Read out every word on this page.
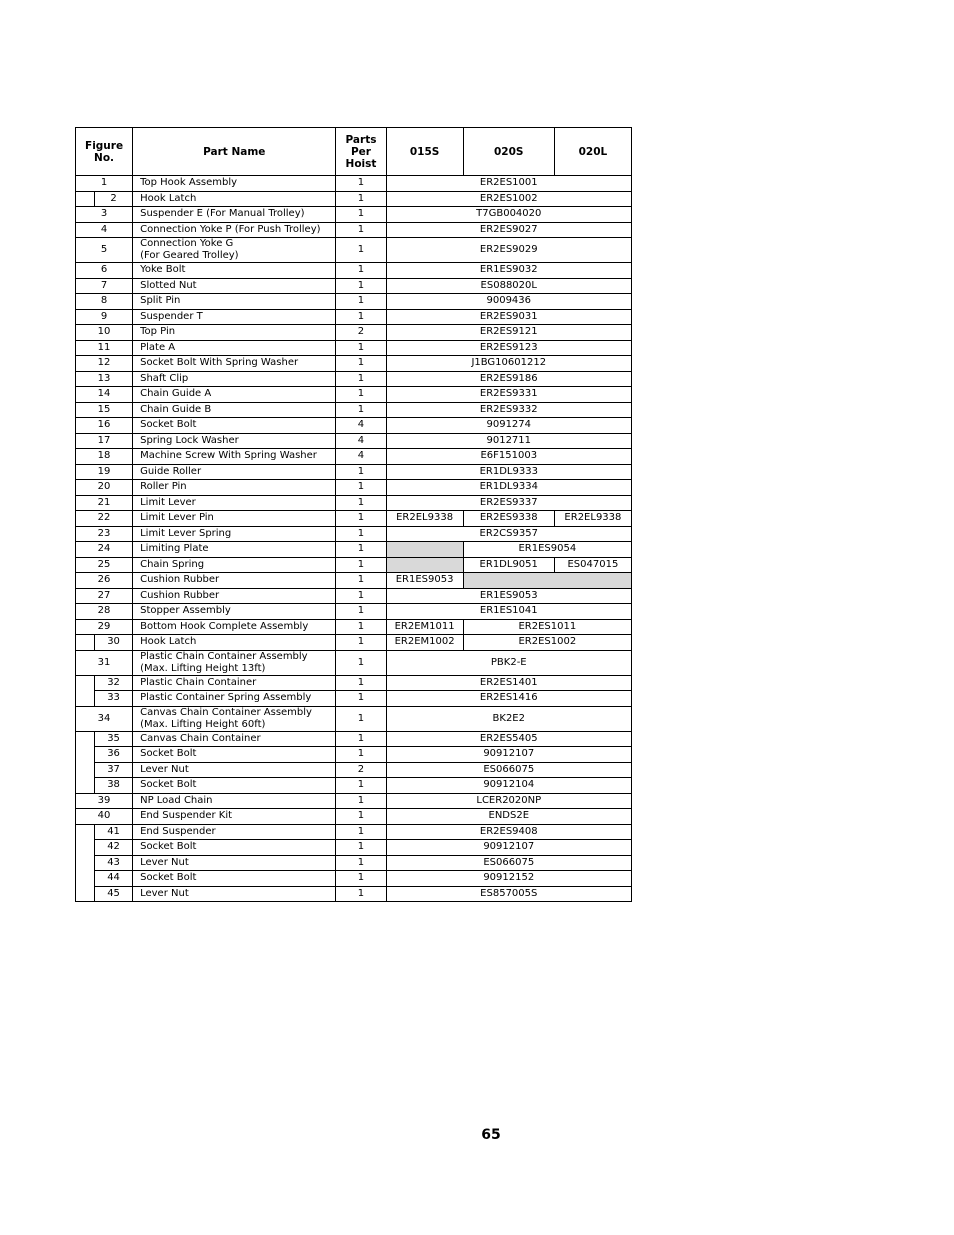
Figure No.		Part Name	Parts Per Hoist	015S	020S	020L
1		Top Hook Assembly	1	ER2ES1001		
	2	Hook Latch	1	ER2ES1002		
3		Suspender E (For Manual Trolley)	1	T7GB004020		
4		Connection Yoke P (For Push Trolley)	1	ER2ES9027		
5		Connection Yoke G
(For Geared Trolley)	1	ER2ES9029		
6		Yoke Bolt	1	ER1ES9032		
7		Slotted Nut	1	ES088020L		
8		Split Pin	1	9009436		
9		Suspender T	1	ER2ES9031		
10		Top Pin	2	ER2ES9121		
11		Plate A	1	ER2ES9123		
12		Socket Bolt With Spring Washer	1	J1BG10601212		
13		Shaft Clip	1	ER2ES9186		
14		Chain Guide A	1	ER2ES9331		
15		Chain Guide B	1	ER2ES9332		
16		Socket Bolt	4	9091274		
17		Spring Lock Washer	4	9012711		
18		Machine Screw With Spring Washer	4	E6F151003		
19		Guide Roller	1	ER1DL9333		
20		Roller Pin	1	ER1DL9334		
21		Limit Lever	1	ER2ES9337		
22		Limit Lever Pin	1	ER2EL9338	ER2ES9338	ER2EL9338
23		Limit Lever Spring	1	ER2CS9357		
24		Limiting Plate	1		ER1ES9054	
25		Chain Spring	1		ER1DL9051	ES047015
26		Cushion Rubber	1	ER1ES9053		
27		Cushion Rubber	1	ER1ES9053		
28		Stopper Assembly	1	ER1ES1041		
29		Bottom Hook Complete Assembly	1	ER2EM1011	ER2ES1011	
	30	Hook Latch	1	ER2EM1002	ER2ES1002	
31		Plastic Chain Container Assembly
(Max. Lifting Height 13ft)	1	PBK2-E		
	32	Plastic Chain Container	1	ER2ES1401		
	33	Plastic Container Spring Assembly	1	ER2ES1416		
34		Canvas Chain Container Assembly
(Max. Lifting Height 60ft)	1	BK2E2		
	35	Canvas Chain Container	1	ER2ES5405		
	36	Socket Bolt	1	90912107		
	37	Lever Nut	2	ES066075		
	38	Socket Bolt	1	90912104		
39		NP Load Chain	1	LCER2020NP		
40		End Suspender Kit	1	ENDS2E		
	41	End Suspender	1	ER2ES9408		
	42	Socket Bolt	1	90912107		
	43	Lever Nut	1	ES066075		
	44	Socket Bolt	1	90912152		
	45	Lever Nut	1	ES857005S		
65
